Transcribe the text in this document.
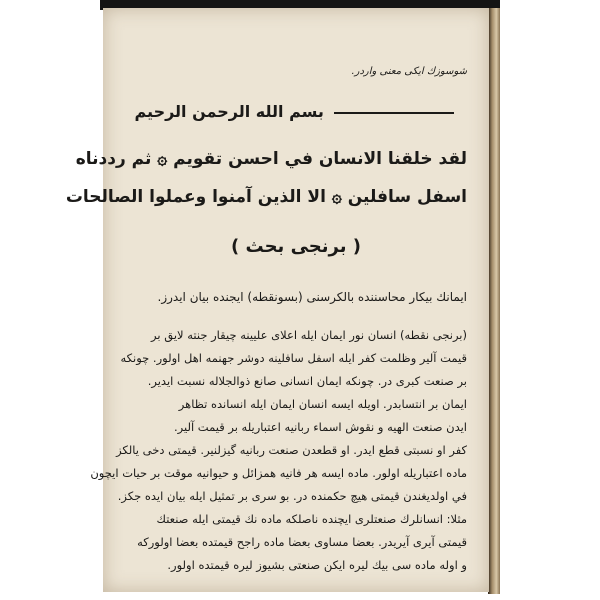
شوسوزك ايكى معنى واردر.
بسم الله الرحمن الرحيم
لقد خلقنا الانسان في احسن تقويم ۞ ثم رددناه
اسفل سافلين ۞ الا الذين آمنوا وعملوا الصالحات
( برنجى بحث )
ايمانك بيكار محاسننده بالكرسنى (بسونقطه) ايجنده بيان ايدرز.
(برنجى نقطه) انسان نور ايمان ايله اعلاى عليينه چيقار جنته لايق بر
قيمت آلير وظلمت كفر ايله اسفل سافلينه دوشر جهنمه اهل اولور. چونكه
بر صنعت كبرى در. چونكه ايمان انسانى صانع ذوالجلاله نسبت ايدير.
ايمان بر انتسابدر. اويله ايسه انسان ايمان ايله انسانده تظاهر
ايدن صنعت الهيه و نقوش اسماء ربانيه اعتباريله بر قيمت آلير.
كفر او نسبتى قطع ايدر. او قطعدن صنعت ربانيه گيزلنير. قيمتى دخى يالكز
ماده اعتباريله اولور. ماده ايسه هر فانيه همزائل و حيوانيه موقت بر حيات ايچون
في اولديغندن قيمتى هيچ حكمنده در. بو سرى بر تمثيل ايله بيان ايده جكز.
مثلا: انسانلرك صنعتلرى ايچنده ناصلكه ماده نك قيمتى ايله صنعتك
قيمتى آيرى آيريدر. بعضا مساوى بعضا ماده راجح قيمتده بعضا اولوركه
و اوله ماده سى بيك ليره ايكن صنعتى بشيوز ليره قيمتده اولور.
